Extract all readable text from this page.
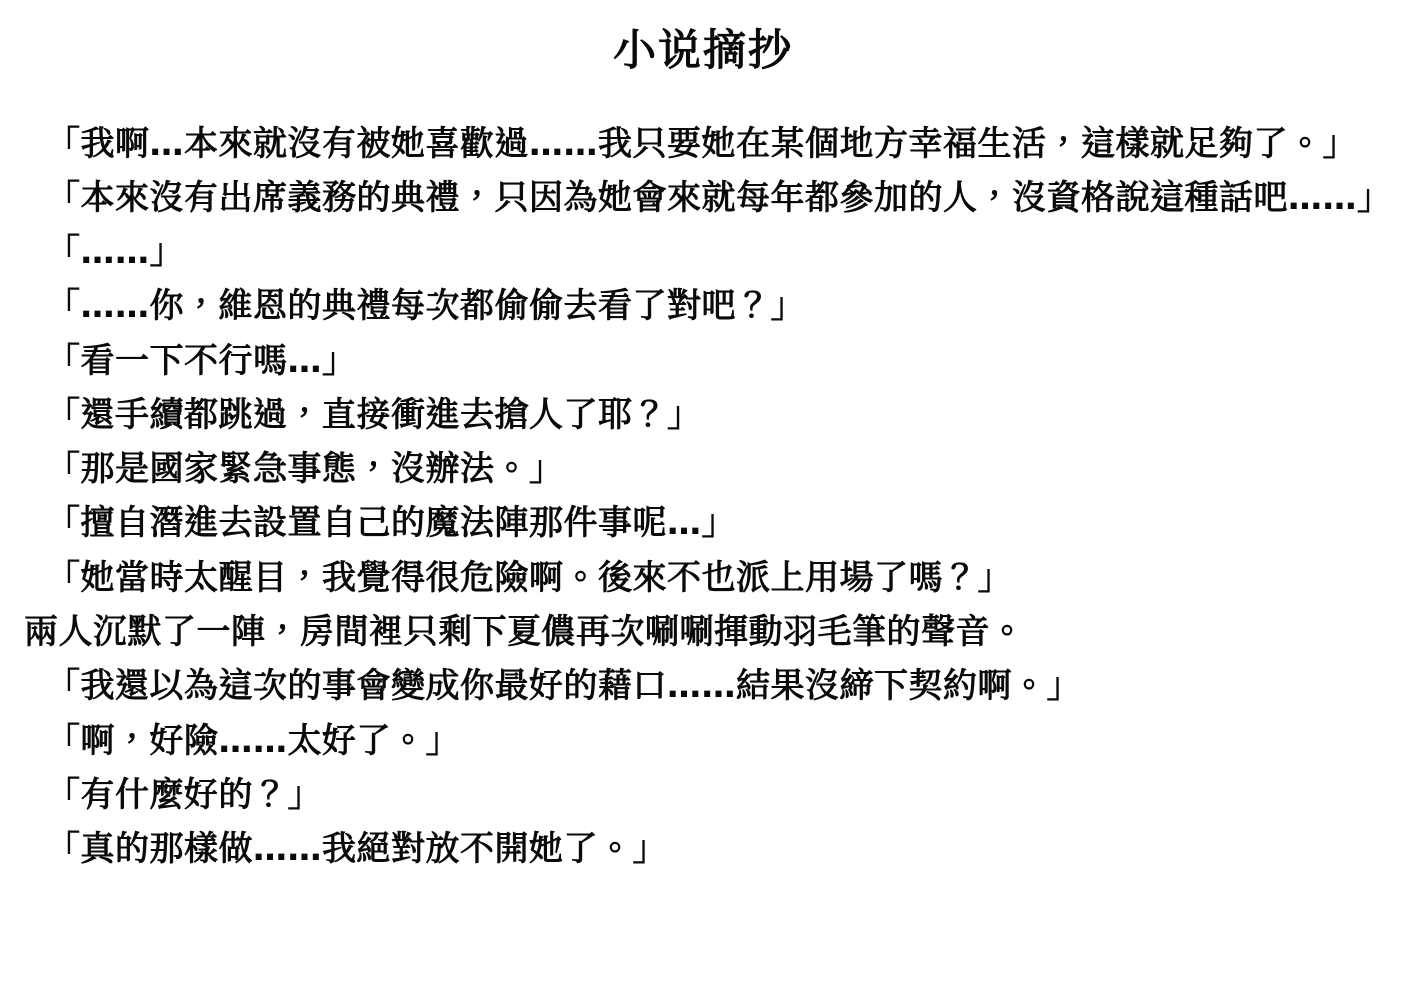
小说摘抄

「我啊…本來就沒有被她喜歡過……我只要她在某個地方幸福生活，這樣就足夠了。」

「本來沒有出席義務的典禮，只因為她會來就每年都參加的人，沒資格說這種話吧……」

「……」

「……你，維恩的典禮每次都偷偷去看了對吧？」

「看一下不行嗎…」

「還手續都跳過，直接衝進去搶人了耶？」

「那是國家緊急事態，沒辦法。」

「擅自潛進去設置自己的魔法陣那件事呢…」

「她當時太醒目，我覺得很危險啊。後來不也派上用場了嗎？」

兩人沉默了一陣，房間裡只剩下夏儂再次唰唰揮動羽毛筆的聲音。

「我還以為這次的事會變成你最好的藉口……結果沒締下契約啊。」

「啊，好險……太好了。」

「有什麼好的？」

「真的那樣做……我絕對放不開她了。」
